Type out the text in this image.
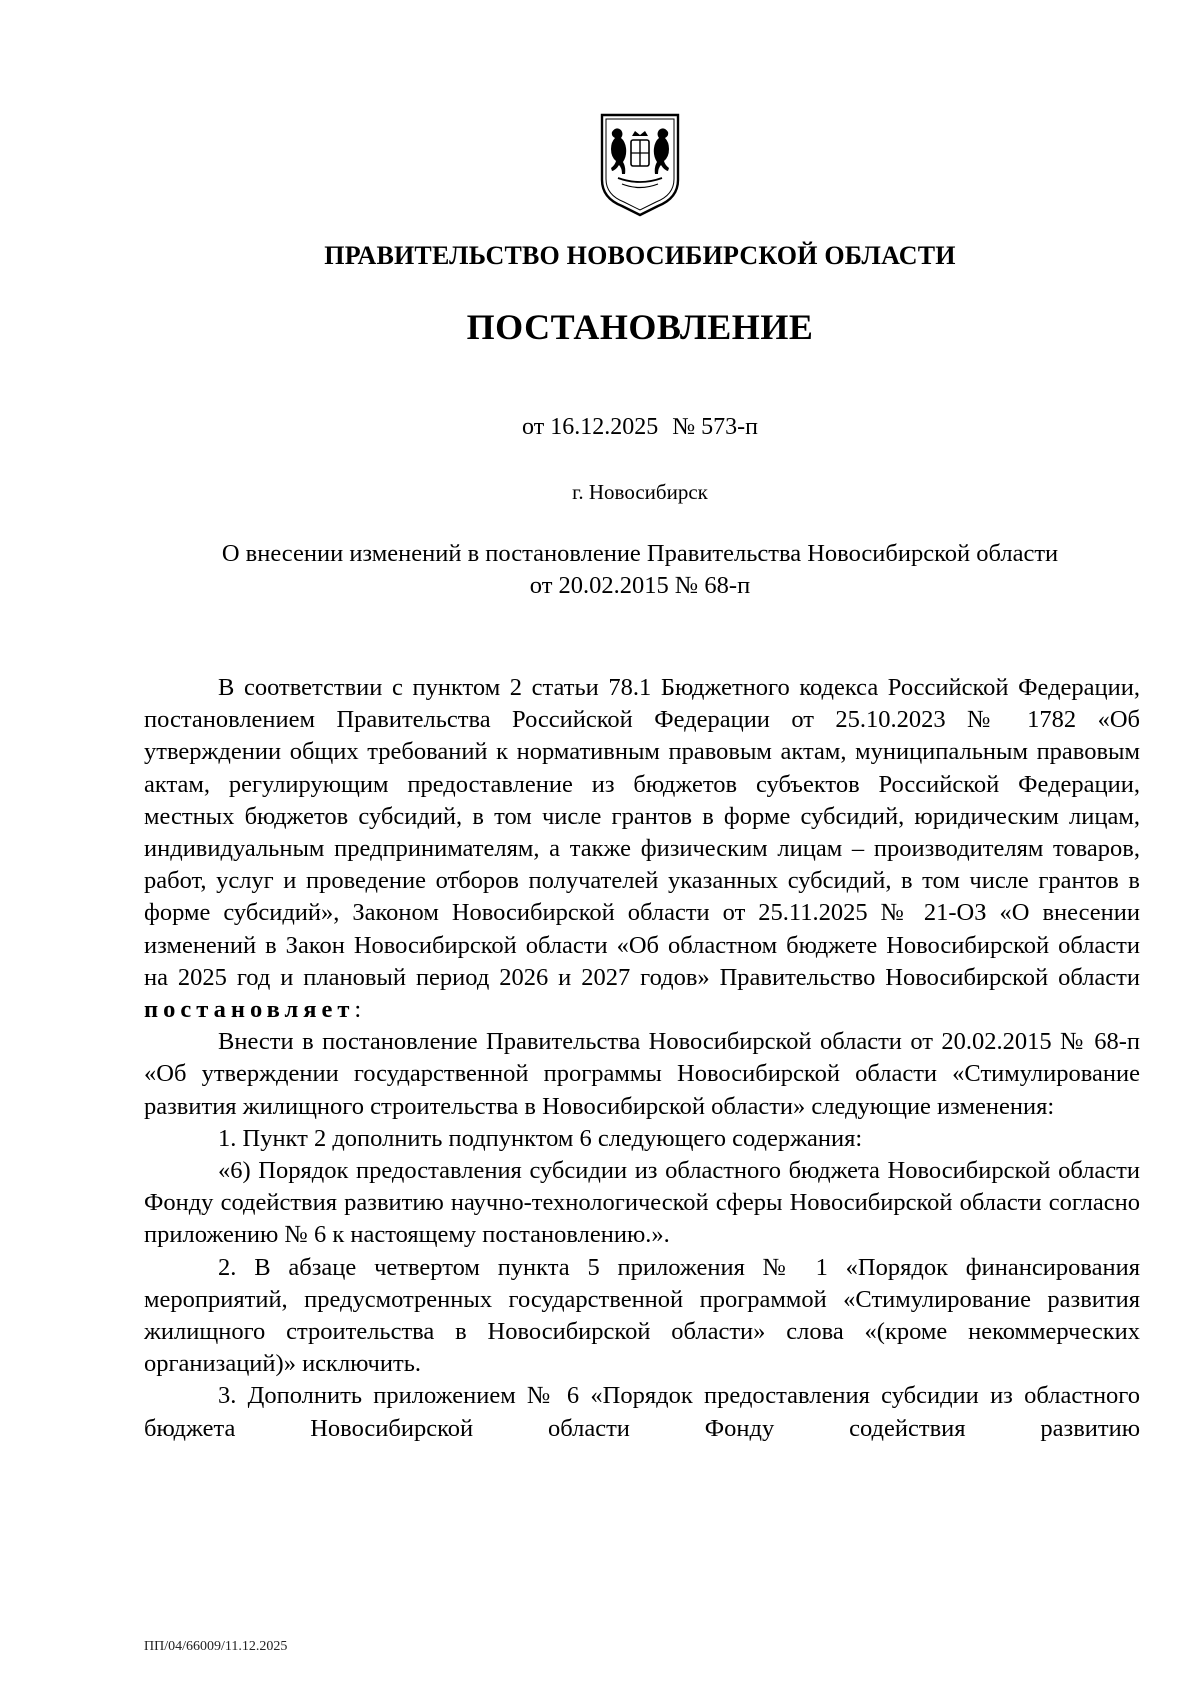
ПРАВИТЕЛЬСТВО НОВОСИБИРСКОЙ ОБЛАСТИ
ПОСТАНОВЛЕНИЕ
от 16.12.2025 № 573-п
г. Новосибирск
О внесении изменений в постановление Правительства Новосибирской области
от 20.02.2015 № 68-п

В соответствии с пунктом 2 статьи 78.1 Бюджетного кодекса Российской Федерации, постановлением Правительства Российской Федерации от 25.10.2023 № 1782 «Об утверждении общих требований к нормативным правовым актам, муниципальным правовым актам, регулирующим предоставление из бюджетов субъектов Российской Федерации, местных бюджетов субсидий, в том числе грантов в форме субсидий, юридическим лицам, индивидуальным предпринимателям, а также физическим лицам – производителям товаров, работ, услуг и проведение отборов получателей указанных субсидий, в том числе грантов в форме субсидий», Законом Новосибирской области от 25.11.2025 № 21-ОЗ «О внесении изменений в Закон Новосибирской области «Об областном бюджете Новосибирской области на 2025 год и плановый период 2026 и 2027 годов» Правительство Новосибирской области постановляет:

Внести в постановление Правительства Новосибирской области от 20.02.2015 № 68-п «Об утверждении государственной программы Новосибирской области «Стимулирование развития жилищного строительства в Новосибирской области» следующие изменения:

1. Пункт 2 дополнить подпунктом 6 следующего содержания:

«6) Порядок предоставления субсидии из областного бюджета Новосибирской области Фонду содействия развитию научно-технологической сферы Новосибирской области согласно приложению № 6 к настоящему постановлению.».

2. В абзаце четвертом пункта 5 приложения № 1 «Порядок финансирования мероприятий, предусмотренных государственной программой «Стимулирование развития жилищного строительства в Новосибирской области» слова «(кроме некоммерческих организаций)» исключить.

3. Дополнить приложением № 6 «Порядок предоставления субсидии из областного бюджета Новосибирской области Фонду содействия развитию

ПП/04/66009/11.12.2025
